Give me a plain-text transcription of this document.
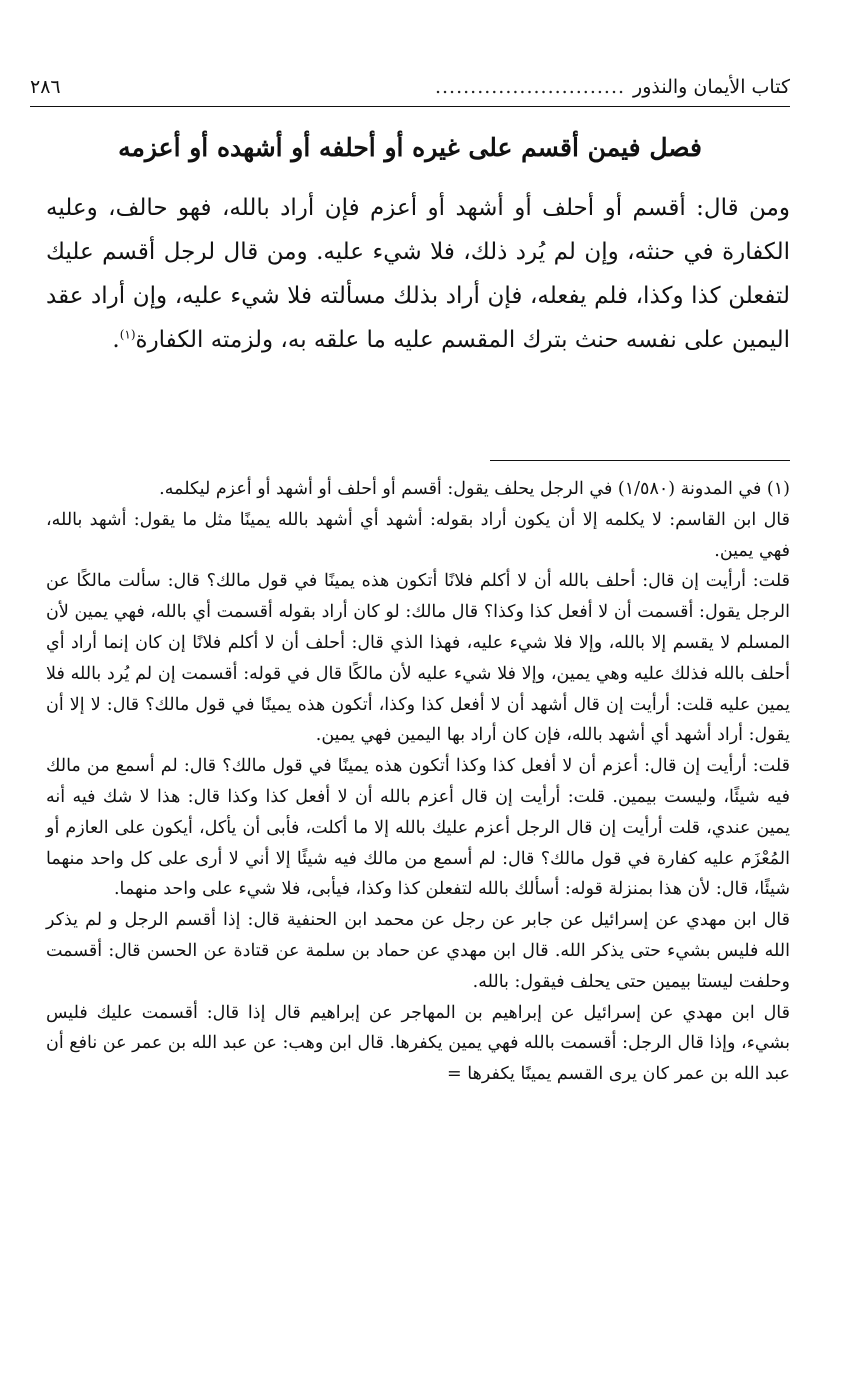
كتاب الأيمان والنذور
...........................
٢٨٦
فصل فيمن أقسم على غيره أو أحلفه أو أشهده أو أعزمه
ومن قال: أقسم أو أحلف أو أشهد أو أعزم فإن أراد بالله، فهو حالف، وعليه الكفارة في حنثه، وإن لم يُرد ذلك، فلا شيء عليه. ومن قال لرجل أقسم عليك لتفعلن كذا وكذا، فلم يفعله، فإن أراد بذلك مسألته فلا شيء عليه، وإن أراد عقد اليمين على نفسه حنث بترك المقسم عليه ما علقه به، ولزمته الكفارة$^{(١)}$.

(١) في المدونة (١/٥٨٠) في الرجل يحلف يقول: أقسم أو أحلف أو أشهد أو أعزم ليكلمه.

قال ابن القاسم: لا يكلمه إلا أن يكون أراد بقوله: أشهد أي أشهد بالله يمينًا مثل ما يقول: أشهد بالله، فهي يمين.

قلت: أرأيت إن قال: أحلف بالله أن لا أكلم فلانًا أتكون هذه يمينًا في قول مالك؟ قال: سألت مالكًا عن الرجل يقول: أقسمت أن لا أفعل كذا وكذا؟ قال مالك: لو كان أراد بقوله أقسمت أي بالله، فهي يمين لأن المسلم لا يقسم إلا بالله، وإلا فلا شيء عليه، فهذا الذي قال: أحلف أن لا أكلم فلانًا إن كان إنما أراد أي أحلف بالله فذلك عليه وهي يمين، وإلا فلا شيء عليه لأن مالكًا قال في قوله: أقسمت إن لم يُرد بالله فلا يمين عليه قلت: أرأيت إن قال أشهد أن لا أفعل كذا وكذا، أتكون هذه يمينًا في قول مالك؟ قال: لا إلا أن يقول: أراد أشهد أي أشهد بالله، فإن كان أراد بها اليمين فهي يمين.

قلت: أرأيت إن قال: أعزم أن لا أفعل كذا وكذا أتكون هذه يمينًا في قول مالك؟ قال: لم أسمع من مالك فيه شيئًا، وليست بيمين. قلت: أرأيت إن قال أعزم بالله أن لا أفعل كذا وكذا قال: هذا لا شك فيه أنه يمين عندي، قلت أرأيت إن قال الرجل أعزم عليك بالله إلا ما أكلت، فأبى أن يأكل، أيكون على العازم أو المُعْزَم عليه كفارة في قول مالك؟ قال: لم أسمع من مالك فيه شيئًا إلا أني لا أرى على كل واحد منهما شيئًا، قال: لأن هذا بمنزلة قوله: أسألك بالله لتفعلن كذا وكذا، فيأبى، فلا شيء على واحد منهما.

قال ابن مهدي عن إسرائيل عن جابر عن رجل عن محمد ابن الحنفية قال: إذا أقسم الرجل و لم يذكر الله فليس بشيء حتى يذكر الله. قال ابن مهدي عن حماد بن سلمة عن قتادة عن الحسن قال: أقسمت وحلفت ليستا بيمين حتى يحلف فيقول: بالله.

قال ابن مهدي عن إسرائيل عن إبراهيم بن المهاجر عن إبراهيم قال إذا قال: أقسمت عليك فليس بشيء، وإذا قال الرجل: أقسمت بالله فهي يمين يكفرها. قال ابن وهب: عن عبد الله بن عمر عن نافع أن عبد الله بن عمر كان يرى القسم يمينًا يكفرها =
